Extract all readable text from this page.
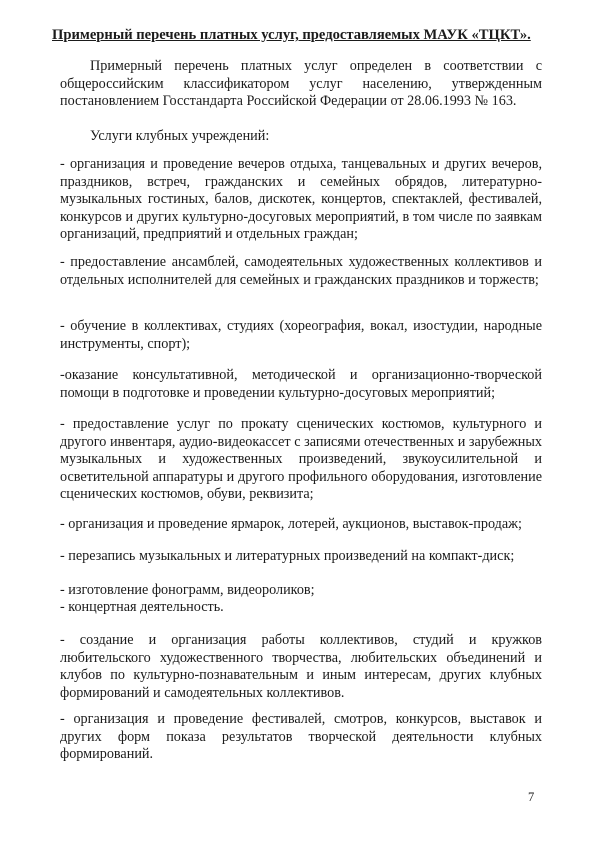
Примерный перечень платных услуг, предоставляемых МАУК «ТЦКТ».
Примерный перечень платных услуг определен в соответствии с общероссийским классификатором услуг населению, утвержденным постановлением Госстандарта Российской Федерации от 28.06.1993 № 163.
Услуги клубных учреждений:
- организация и проведение вечеров отдыха, танцевальных и других вечеров, праздников, встреч, гражданских и семейных обрядов, литературно-музыкальных гостиных, балов, дискотек, концертов, спектаклей, фестивалей, конкурсов и других культурно-досуговых мероприятий, в том числе по заявкам организаций, предприятий и отдельных граждан;
- предоставление ансамблей, самодеятельных художественных коллективов и отдельных исполнителей для семейных и гражданских праздников и торжеств;
- обучение в коллективах, студиях (хореография, вокал, изостудии, народные инструменты, спорт);
-оказание консультативной, методической и организационно-творческой помощи в подготовке и проведении культурно-досуговых мероприятий;
- предоставление услуг по прокату сценических костюмов, культурного и другого инвентаря, аудио-видеокассет с записями отечественных и зарубежных музыкальных и художественных произведений, звукоусилительной и осветительной аппаратуры и другого профильного оборудования, изготовление сценических костюмов, обуви, реквизита;
- организация и проведение ярмарок, лотерей, аукционов, выставок-продаж;
- перезапись музыкальных и литературных произведений на компакт-диск;
- изготовление фонограмм, видеороликов;
- концертная деятельность.
- создание и организация работы коллективов, студий и кружков любительского художественного творчества, любительских объединений и клубов по культурно-познавательным и иным интересам, других клубных формирований и самодеятельных коллективов.
- организация и проведение фестивалей, смотров, конкурсов, выставок и других форм показа результатов творческой деятельности клубных формирований.
7
